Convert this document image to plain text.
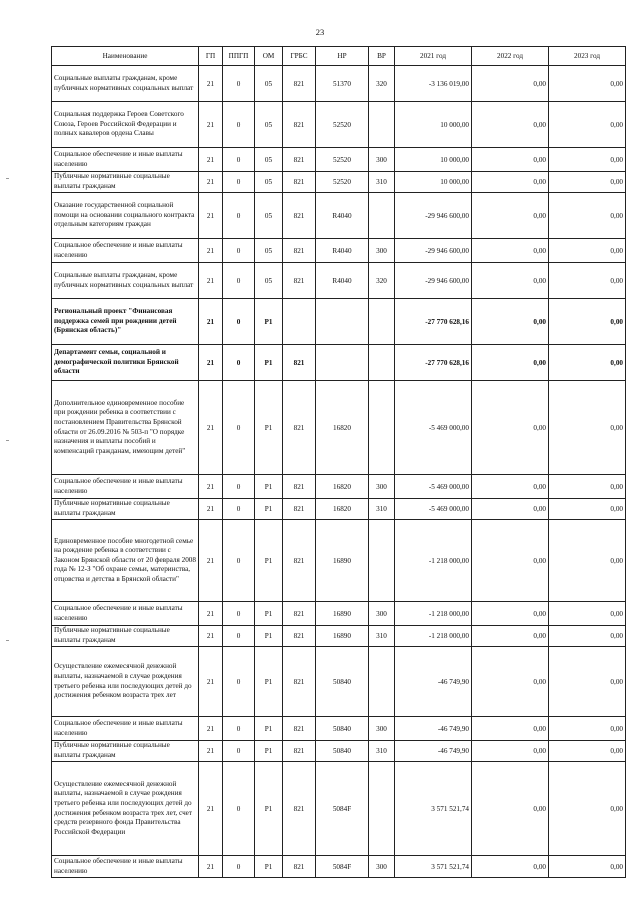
23
Наименование	ГП	ППГП	ОМ	ГРБС	НР	ВР	2021 год	2022 год	2023 год
Социальные выплаты гражданам, кроме публичных нормативных социальных выплат	21	0	05	821	51370	320	-3 136 019,00	0,00	0,00
Социальная поддержка Героев Советского Союза, Героев Российской Федерации и полных кавалеров ордена Славы	21	0	05	821	52520		10 000,00	0,00	0,00
Социальное обеспечение и иные выплаты населению	21	0	05	821	52520	300	10 000,00	0,00	0,00
Публичные нормативные социальные выплаты гражданам	21	0	05	821	52520	310	10 000,00	0,00	0,00
Оказание государственной социальной помощи на основании социального контракта отдельным категориям граждан	21	0	05	821	R4040		-29 946 600,00	0,00	0,00
Социальное обеспечение и иные выплаты населению	21	0	05	821	R4040	300	-29 946 600,00	0,00	0,00
Социальные выплаты гражданам, кроме публичных нормативных социальных выплат	21	0	05	821	R4040	320	-29 946 600,00	0,00	0,00
Региональный проект "Финансовая поддержка семей при рождении детей (Брянская область)"	21	0	P1				-27 770 628,16	0,00	0,00
Департамент семьи, социальной и демографической политики Брянской области	21	0	P1	821			-27 770 628,16	0,00	0,00
Дополнительное единовременное пособие при рождении ребенка в соответствии с постановлением Правительства Брянской области от 26.09.2016 № 503-п "О порядке назначения и выплаты пособий и компенсаций гражданам, имеющим детей"	21	0	P1	821	16820		-5 469 000,00	0,00	0,00
Социальное обеспечение и иные выплаты населению	21	0	P1	821	16820	300	-5 469 000,00	0,00	0,00
Публичные нормативные социальные выплаты гражданам	21	0	P1	821	16820	310	-5 469 000,00	0,00	0,00
Единовременное пособие многодетной семье на рождение ребенка в соответствии с Законом Брянской области от 20 февраля 2008 года № 12-З "Об охране семьи, материнства, отцовства и детства в Брянской области"	21	0	P1	821	16890		-1 218 000,00	0,00	0,00
Социальное обеспечение и иные выплаты населению	21	0	P1	821	16890	300	-1 218 000,00	0,00	0,00
Публичные нормативные социальные выплаты гражданам	21	0	P1	821	16890	310	-1 218 000,00	0,00	0,00
Осуществление ежемесячной денежной выплаты, назначаемой в случае рождения третьего ребенка или последующих детей до достижения ребенком возраста трех лет	21	0	P1	821	50840		-46 749,90	0,00	0,00
Социальное обеспечение и иные выплаты населению	21	0	P1	821	50840	300	-46 749,90	0,00	0,00
Публичные нормативные социальные выплаты гражданам	21	0	P1	821	50840	310	-46 749,90	0,00	0,00
Осуществление ежемесячной денежной выплаты, назначаемой в случае рождения третьего ребенка или последующих детей до достижения ребенком возраста трех лет, счет средств резервного фонда Правительства Российской Федерации	21	0	P1	821	5084F		3 571 521,74	0,00	0,00
Социальное обеспечение и иные выплаты населению	21	0	P1	821	5084F	300	3 571 521,74	0,00	0,00
